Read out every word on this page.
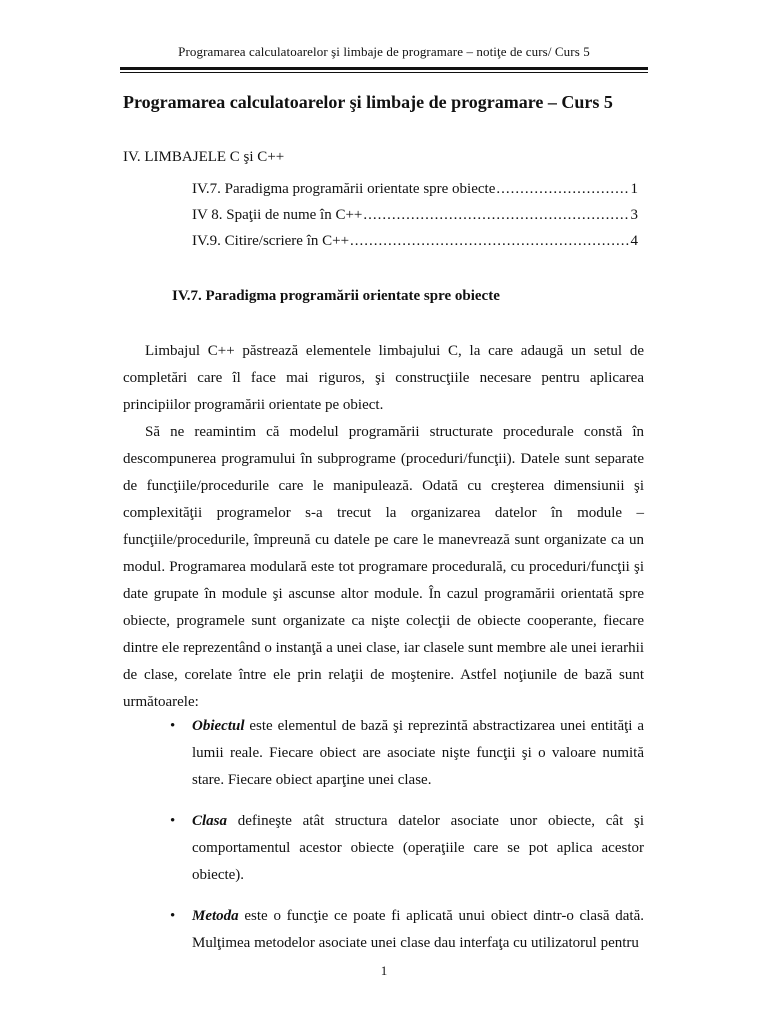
Programarea calculatoarelor şi limbaje de programare – notiţe de curs/ Curs 5
Programarea calculatoarelor şi limbaje de programare – Curs 5
IV. LIMBAJELE C şi C++
IV.7. Paradigma programării orientate spre obiecte .....	1
IV 8. Spaţii de nume în C++ .....	3
IV.9. Citire/scriere în C++ .....	4
IV.7. Paradigma programării orientate spre obiecte

Limbajul C++ păstrează elementele limbajului C, la care adaugă un setul de completări care îl face mai riguros, şi construcţiile necesare pentru aplicarea principiilor programării orientate pe obiect.

Să ne reamintim că modelul programării structurate procedurale constă în descompunerea programului în subprograme (proceduri/funcţii). Datele sunt separate de funcţiile/procedurile care le manipulează. Odată cu creşterea dimensiunii şi complexităţii programelor s-a trecut la organizarea datelor în module – funcţiile/procedurile, împreună cu datele pe care le manevrează sunt organizate ca un modul. Programarea modulară este tot programare procedurală, cu proceduri/funcţii şi date grupate în module şi ascunse altor module. În cazul programării orientată spre obiecte, programele sunt organizate ca nişte colecţii de obiecte cooperante, fiecare dintre ele reprezentând o instanţă a unei clase, iar clasele sunt membre ale unei ierarhii de clase, corelate între ele prin relaţii de moştenire. Astfel noţiunile de bază sunt următoarele:

• Obiectul este elementul de bază şi reprezintă abstractizarea unei entităţi a lumii reale. Fiecare obiect are asociate nişte funcţii şi o valoare numită stare. Fiecare obiect aparţine unei clase.
• Clasa defineşte atât structura datelor asociate unor obiecte, cât şi comportamentul acestor obiecte (operaţiile care se pot aplica acestor obiecte).
• Metoda este o funcţie ce poate fi aplicată unui obiect dintr-o clasă dată. Mulţimea metodelor asociate unei clase dau interfaţa cu utilizatorul pentru
1
